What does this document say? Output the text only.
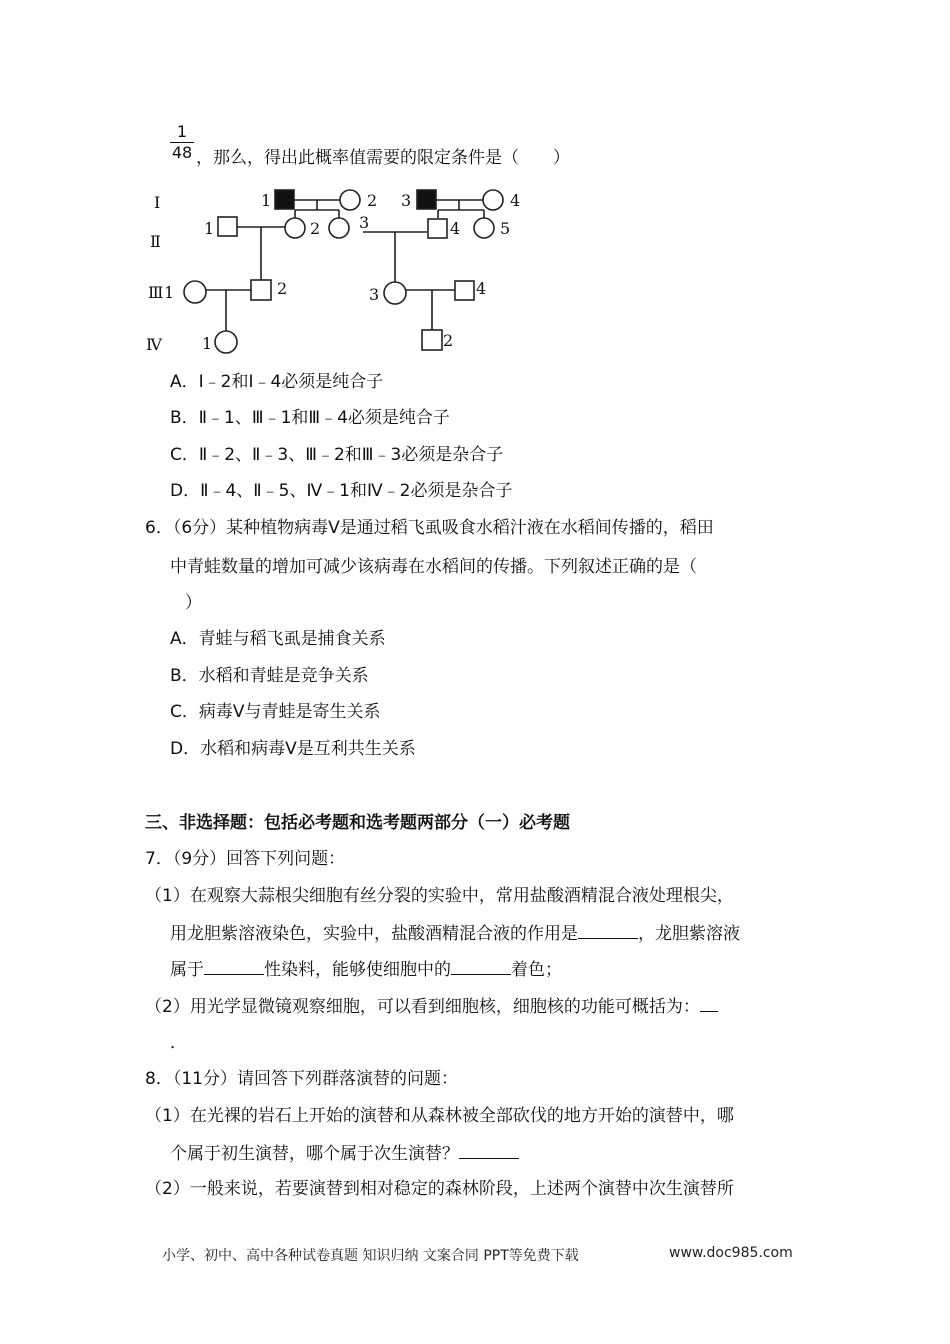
$\frac{1}{48}$ ，那么，得出此概率值需要的限定条件是（　　）
Ⅰ
Ⅱ
Ⅲ 1
Ⅳ
1	2 3	4
1	2 3	4 5
2	3	4
1	2
A．Ⅰ﹣2和Ⅰ﹣4必须是纯合子
B．Ⅱ﹣1、Ⅲ﹣1和Ⅲ﹣4必须是纯合子
C．Ⅱ﹣2、Ⅱ﹣3、Ⅲ﹣2和Ⅲ﹣3必须是杂合子
D．Ⅱ﹣4、Ⅱ﹣5、Ⅳ﹣1和Ⅳ﹣2必须是杂合子
6．（6分）某种植物病毒V是通过稻飞虱吸食水稻汁液在水稻间传播的，稻田
中青蛙数量的增加可减少该病毒在水稻间的传播。下列叙述正确的是（
）
A．青蛙与稻飞虱是捕食关系
B．水稻和青蛙是竞争关系
C．病毒V与青蛙是寄生关系
D．水稻和病毒V是互利共生关系
三、非选择题：包括必考题和选考题两部分（一）必考题
7．（9分）回答下列问题：
（1）在观察大蒜根尖细胞有丝分裂的实验中，常用盐酸酒精混合液处理根尖，
用龙胆紫溶液染色，实验中，盐酸酒精混合液的作用是	，龙胆紫溶液
属于	性染料，能够使细胞中的	着色；
（2）用光学显微镜观察细胞，可以看到细胞核，细胞核的功能可概括为：
．
8．（11分）请回答下列群落演替的问题：
（1）在光裸的岩石上开始的演替和从森林被全部砍伐的地方开始的演替中，哪
个属于初生演替，哪个属于次生演替？
（2）一般来说，若要演替到相对稳定的森林阶段，上述两个演替中次生演替所
小学、初中、高中各种试卷真题 知识归纳 文案合同 PPT等免费下载	www.doc985.com
